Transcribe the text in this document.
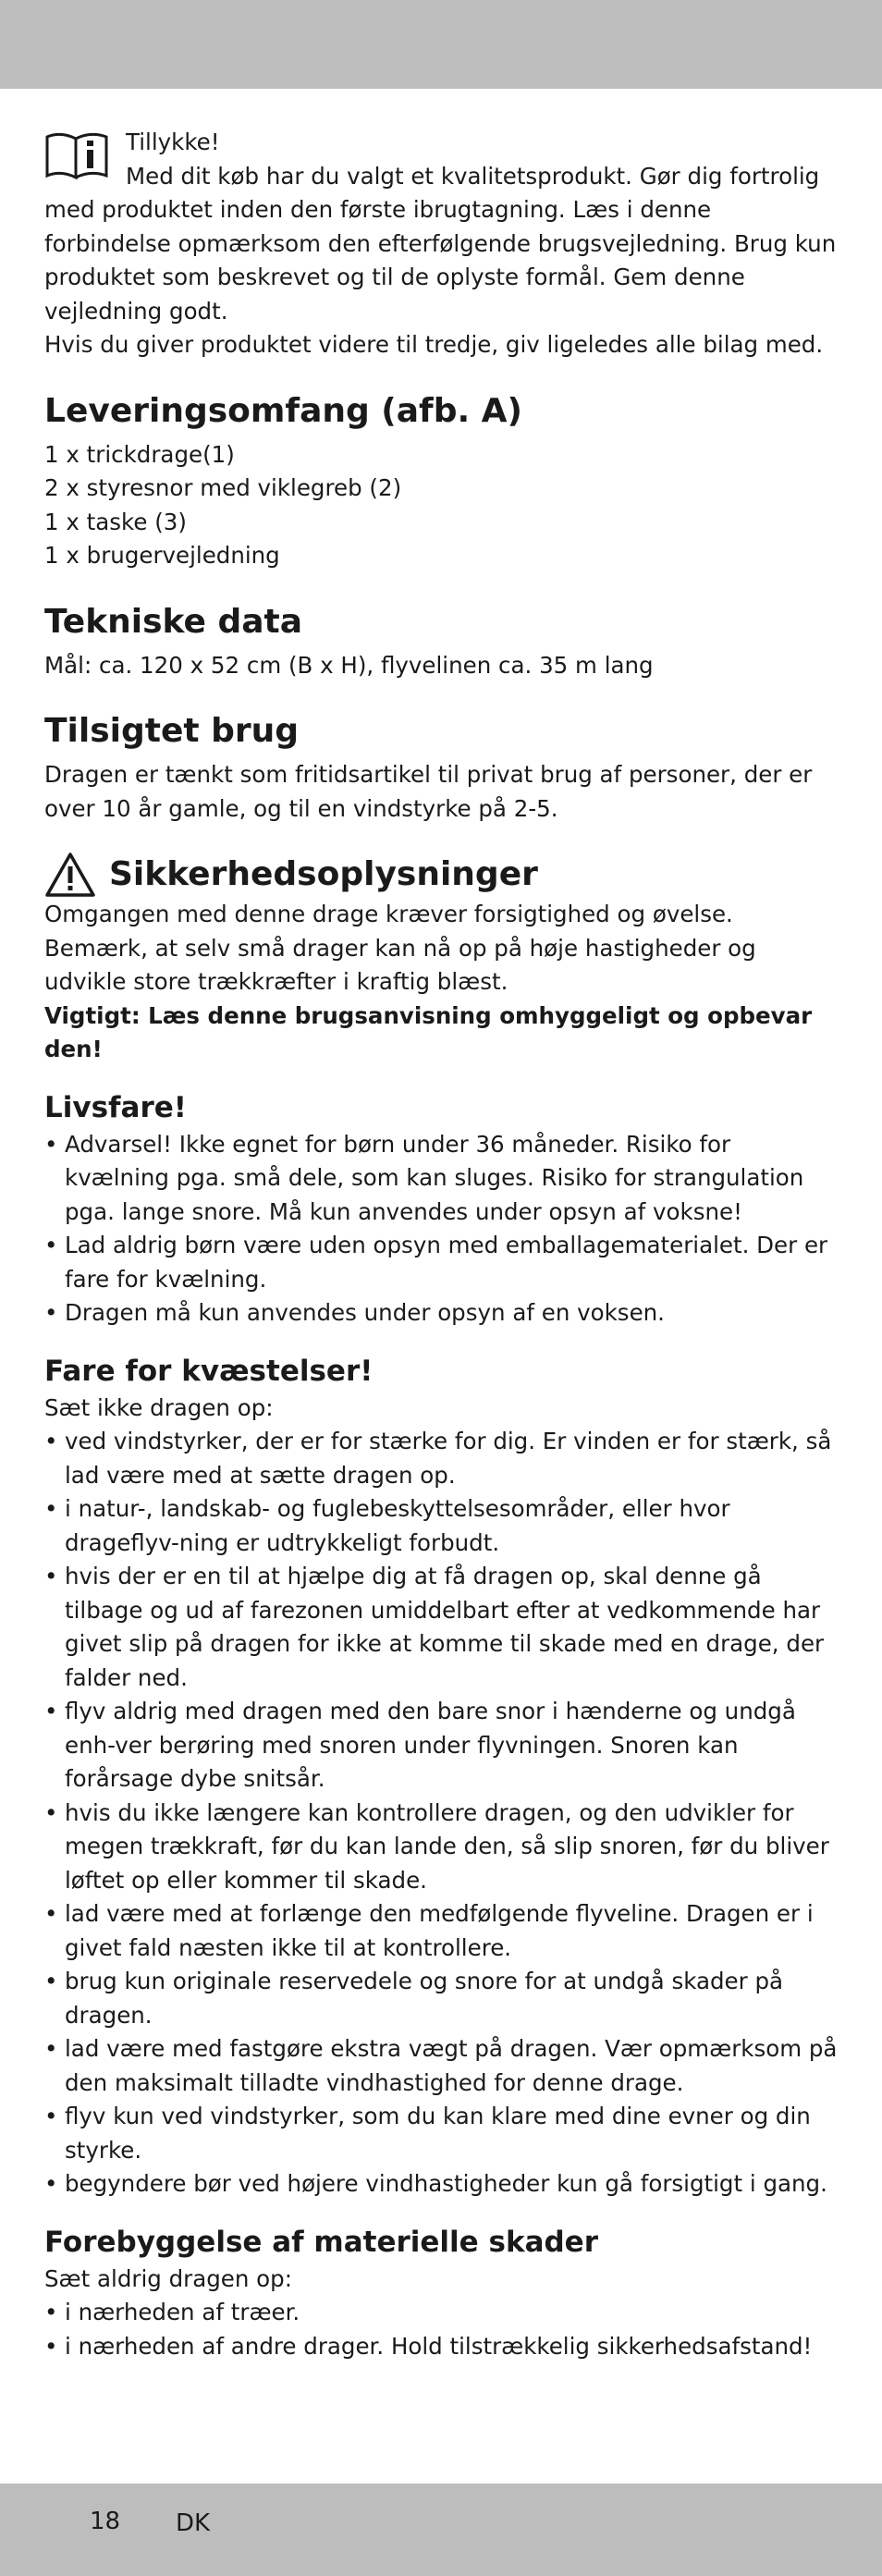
Tillykke!

Med dit køb har du valgt et kvalitetsprodukt. Gør dig fortrolig med produktet inden den første ibrugtagning. Læs i denne forbindelse opmærksom den efterfølgende brugsvejledning. Brug kun produktet som beskrevet og til de oplyste formål. Gem denne vejledning godt.

Hvis du giver produktet videre til tredje, giv ligeledes alle bilag med.

Leveringsomfang (afb. A)

1 x trickdrage(1)

2 x styresnor med viklegreb (2)

1 x taske (3)

1 x brugervejledning

Tekniske data

Mål: ca. 120 x 52 cm (B x H), flyvelinen ca. 35 m lang

Tilsigtet brug

Dragen er tænkt som fritidsartikel til privat brug af personer, der er over 10 år gamle, og til en vindstyrke på 2-5.

Sikkerhedsoplysninger

Omgangen med denne drage kræver forsigtighed og øvelse.

Bemærk, at selv små drager kan nå op på høje hastigheder og udvikle store trækkræfter i kraftig blæst.

Vigtigt: Læs denne brugsanvisning omhyggeligt og opbevar den!

Livsfare!
• Advarsel! Ikke egnet for børn under 36 måneder. Risiko for kvælning pga. små dele, som kan sluges. Risiko for strangulation pga. lange snore. Må kun anvendes under opsyn af voksne!
• Lad aldrig børn være uden opsyn med emballagematerialet. Der er fare for kvælning.
• Dragen må kun anvendes under opsyn af en voksen.
Fare for kvæstelser!

Sæt ikke dragen op:

• ved vindstyrker, der er for stærke for dig. Er vinden er for stærk, så lad være med at sætte dragen op.
• i natur-, landskab- og fuglebeskyttelsesområder, eller hvor drageflyv-ning er udtrykkeligt forbudt.
• hvis der er en til at hjælpe dig at få dragen op, skal denne gå tilbage og ud af farezonen umiddelbart efter at vedkommende har givet slip på dragen for ikke at komme til skade med en drage, der falder ned.
• flyv aldrig med dragen med den bare snor i hænderne og undgå enh-ver berøring med snoren under flyvningen. Snoren kan forårsage dybe snitsår.
• hvis du ikke længere kan kontrollere dragen, og den udvikler for megen trækkraft, før du kan lande den, så slip snoren, før du bliver løftet op eller kommer til skade.
• lad være med at forlænge den medfølgende flyveline. Dragen er i givet fald næsten ikke til at kontrollere.
• brug kun originale reservedele og snore for at undgå skader på dragen.
• lad være med fastgøre ekstra vægt på dragen. Vær opmærksom på den maksimalt tilladte vindhastighed for denne drage.
• flyv kun ved vindstyrker, som du kan klare med dine evner og din styrke.
• begyndere bør ved højere vindhastigheder kun gå forsigtigt i gang.
Forebyggelse af materielle skader

Sæt aldrig dragen op:

• i nærheden af træer.
• i nærheden af andre drager. Hold tilstrækkelig sikkerhedsafstand!
18 DK
